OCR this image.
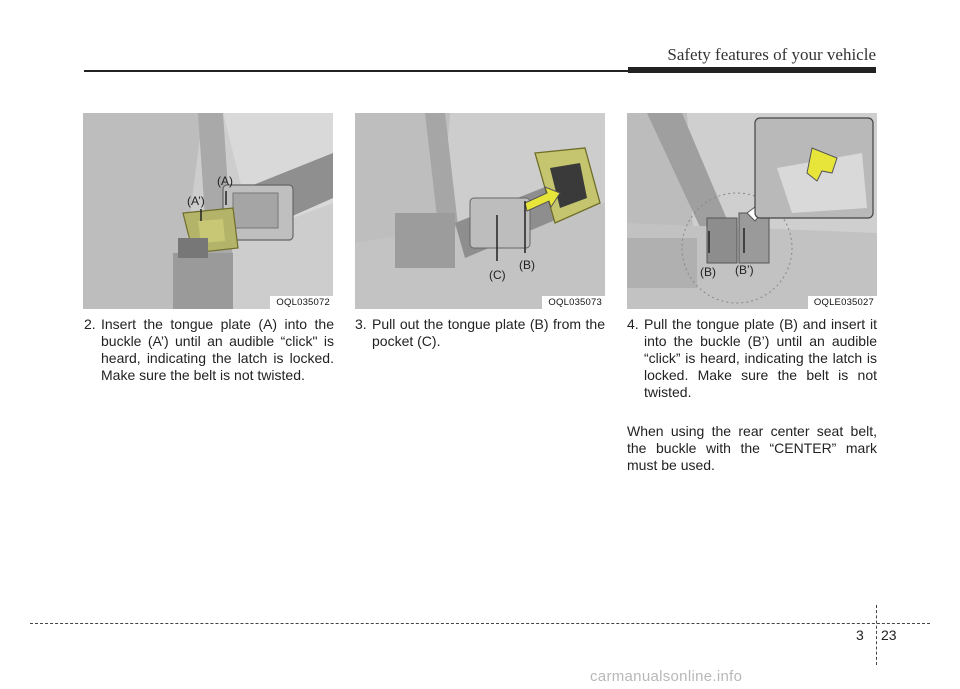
Safety features of your vehicle
(A’)
(A)
OQL035072
(C)
(B)
OQL035073
(B) (B’)
OQLE035027
2. Insert the tongue plate (A) into the buckle (A’) until an audible “click" is heard, indicating the latch is locked. Make sure the belt is not twisted.
3. Pull out the tongue plate (B) from the pocket (C).
4. Pull the tongue plate (B) and insert it into the buckle (B’) until an audible “click” is heard, indicating the latch is locked. Make sure the belt is not twisted.
When using the rear center seat belt, the buckle with the “CENTER” mark must be used.
3 23
carmanualsonline.info
